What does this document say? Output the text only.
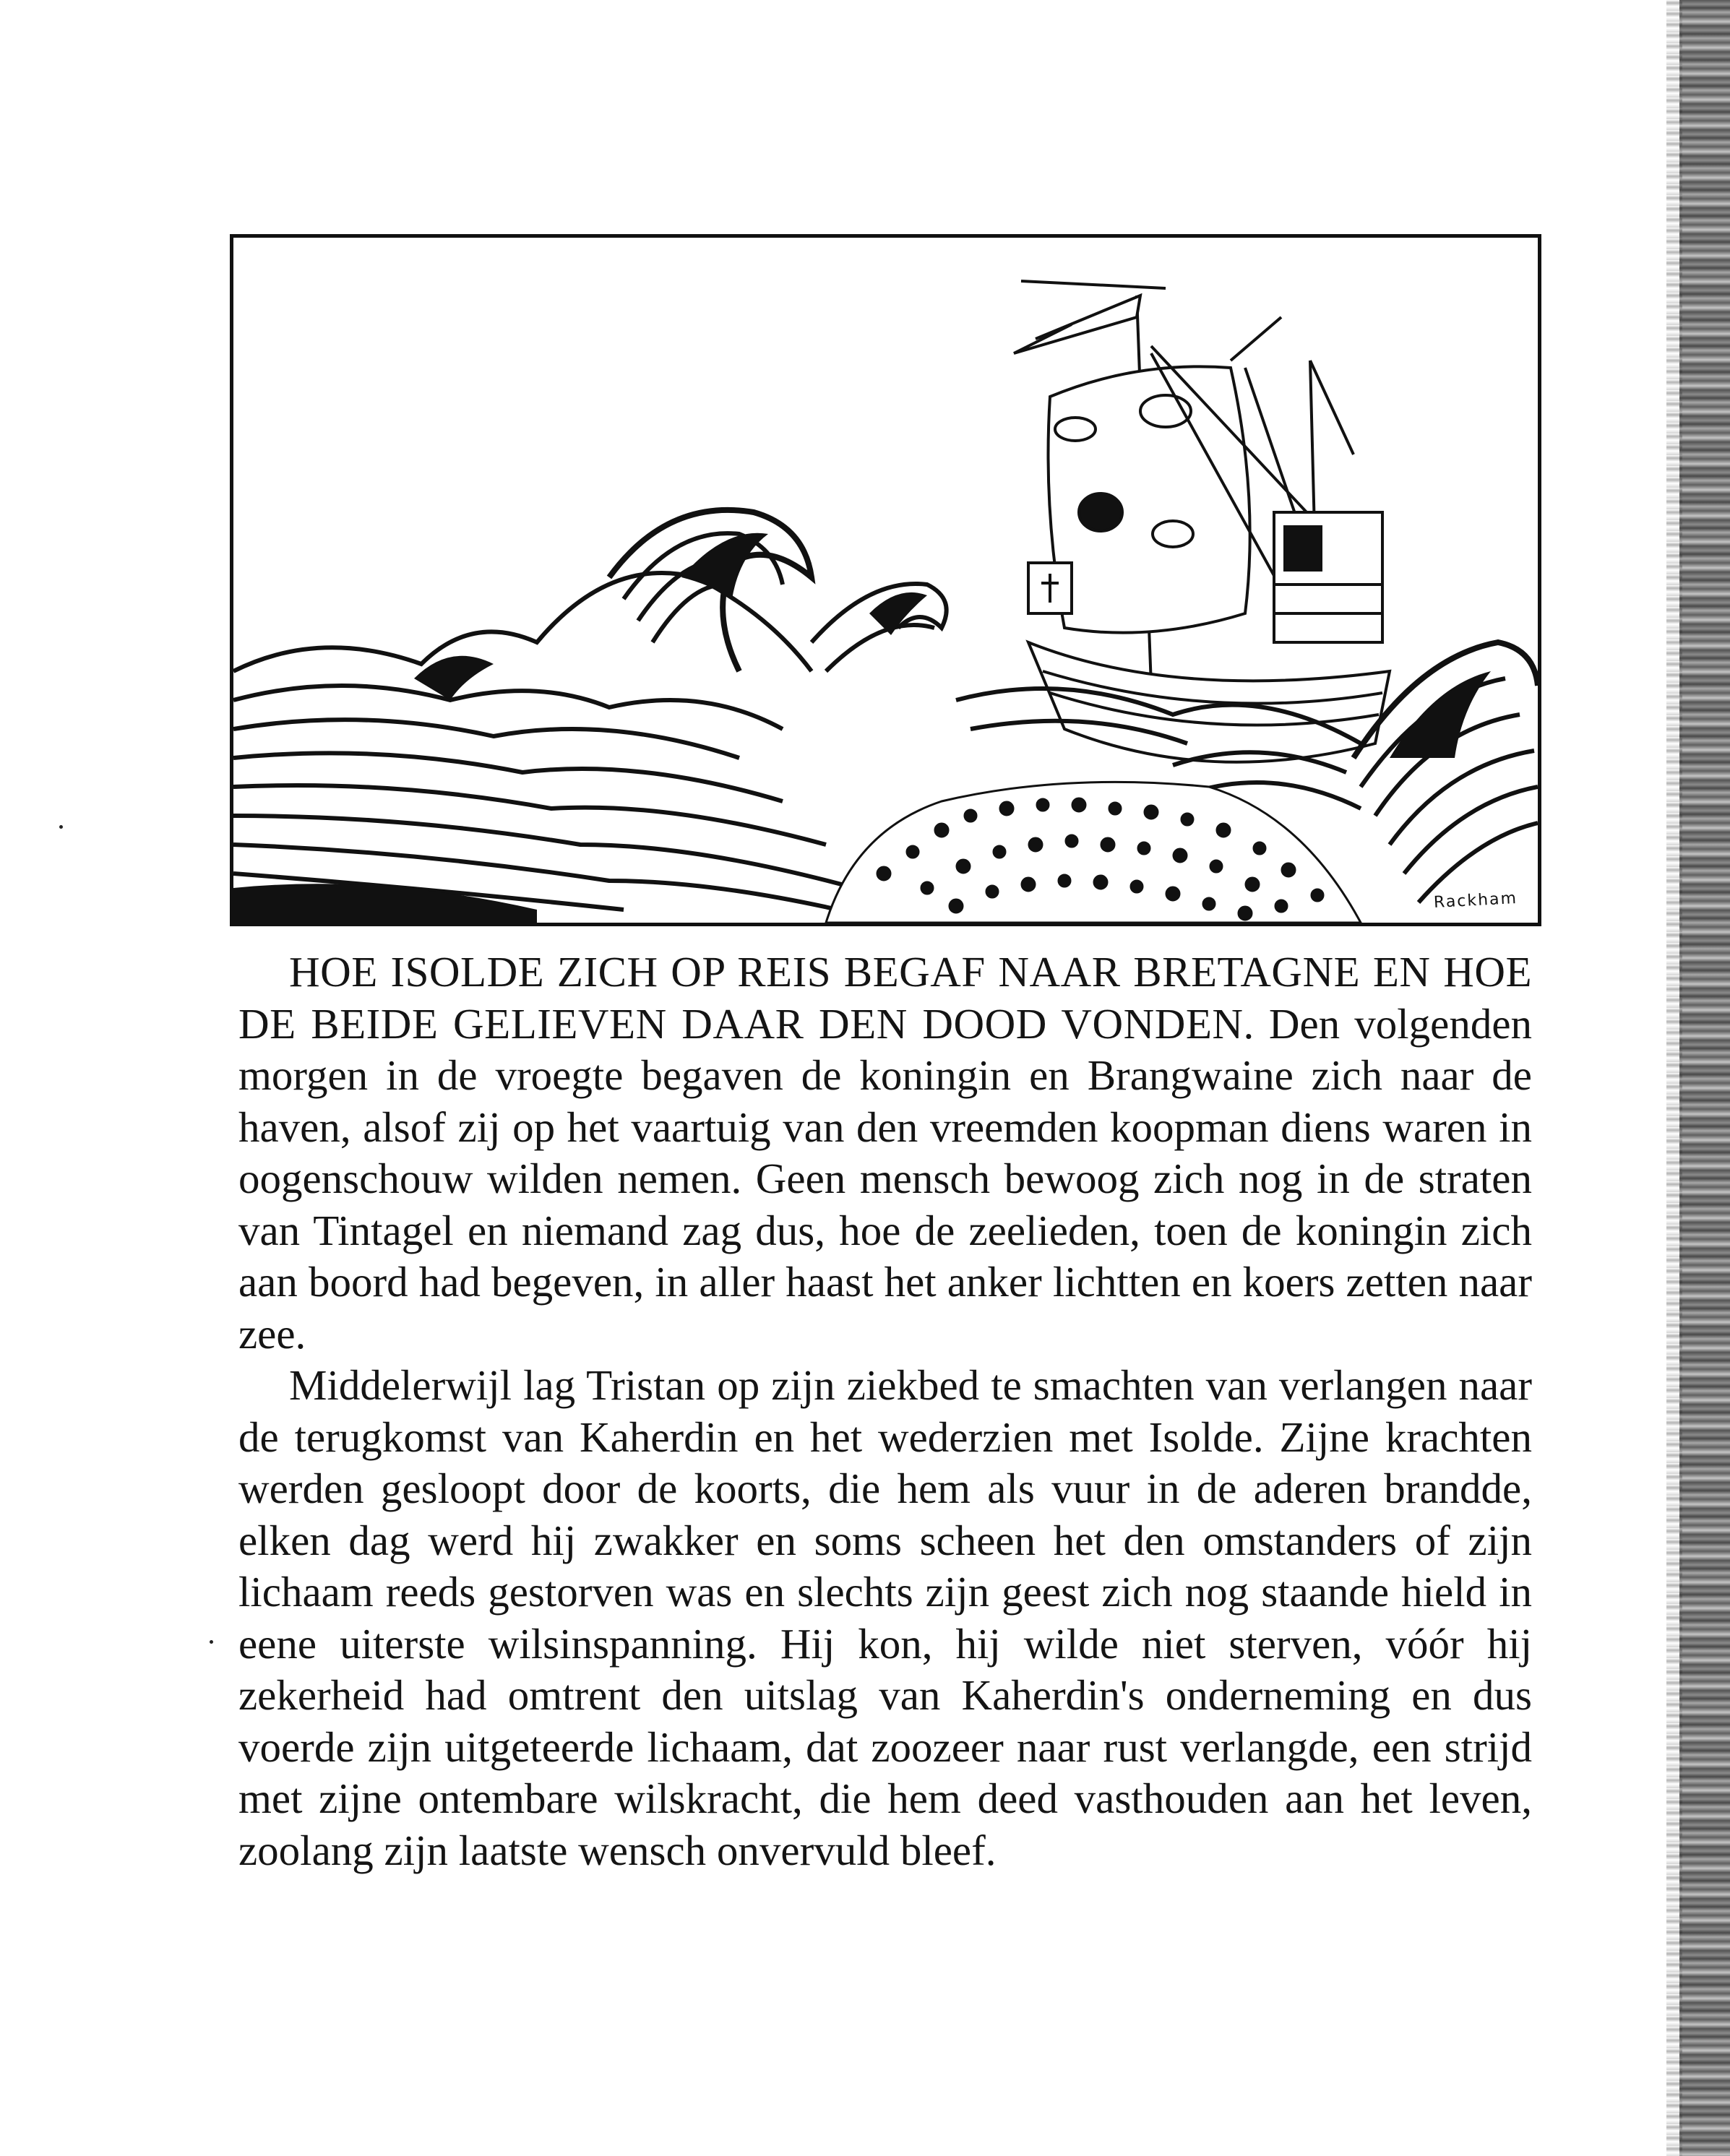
Rackham

HOE ISOLDE ZICH OP REIS BEGAF NAAR BRETAGNE EN HOE DE BEIDE GELIEVEN DAAR DEN DOOD VONDEN. Den volgenden morgen in de vroegte begaven de koningin en Brangwaine zich naar de haven, alsof zij op het vaartuig van den vreemden koopman diens waren in oogenschouw wilden nemen. Geen mensch bewoog zich nog in de straten van Tintagel en niemand zag dus, hoe de zeelieden, toen de koningin zich aan boord had begeven, in aller haast het anker lichtten en koers zetten naar zee.

Middelerwijl lag Tristan op zijn ziekbed te smachten van verlangen naar de terugkomst van Kaherdin en het wederzien met Isolde. Zijne krachten werden gesloopt door de koorts, die hem als vuur in de aderen brandde, elken dag werd hij zwakker en soms scheen het den omstanders of zijn lichaam reeds gestorven was en slechts zijn geest zich nog staande hield in eene uiterste wilsinspanning. Hij kon, hij wilde niet sterven, vóór hij zekerheid had omtrent den uitslag van Kaherdin's onderneming en dus voerde zijn uitgeteerde lichaam, dat zoozeer naar rust verlangde, een strijd met zijne ontembare wilskracht, die hem deed vasthouden aan het leven, zoolang zijn laatste wensch onvervuld bleef.
